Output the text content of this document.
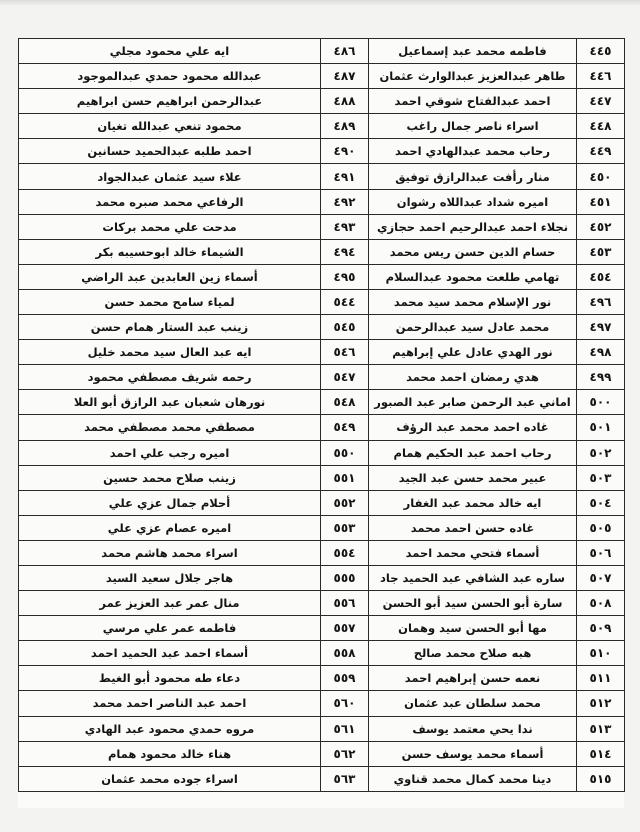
٤٤٥	فاطمه محمد عبد إسماعيل	٤٨٦	ايه علي محمود مجلي
٤٤٦	طاهر عبدالعزيز عبدالوارث عثمان	٤٨٧	عبدالله محمود حمدي عبدالموجود
٤٤٧	احمد عبدالفتاح شوقي احمد	٤٨٨	عبدالرحمن ابراهيم حسن ابراهيم
٤٤٨	اسراء ناصر جمال راغب	٤٨٩	محمود تنعي عبدالله تغيان
٤٤٩	رحاب محمد عبدالهادي احمد	٤٩٠	احمد طلبه عبدالحميد حسانين
٤٥٠	منار رأفت عبدالرازق توفيق	٤٩١	علاء سيد عثمان عبدالجواد
٤٥١	اميره شداد عبداللاه رشوان	٤٩٢	الرفاعي محمد صبره محمد
٤٥٢	نجلاء احمد عبدالرحيم احمد حجازي	٤٩٣	مدحت علي محمد بركات
٤٥٣	حسام الدين حسن ريس محمد	٤٩٤	الشيماء خالد ابوحسيبه بكر
٤٥٤	تهامي طلعت محمود عبدالسلام	٤٩٥	أسماء زين العابدين عبد الراضي
٤٩٦	نور الإسلام محمد سيد محمد	٥٤٤	لمياء سامح محمد حسن
٤٩٧	محمد عادل سيد عبدالرحمن	٥٤٥	زينب عبد الستار همام حسن
٤٩٨	نور الهدي عادل علي إبراهيم	٥٤٦	ايه عبد العال سيد محمد خليل
٤٩٩	هدي رمضان احمد محمد	٥٤٧	رحمه شريف مصطفي محمود
٥٠٠	اماني عبد الرحمن صابر عبد الصبور	٥٤٨	نورهان شعبان عبد الرازق أبو العلا
٥٠١	غاده احمد محمد عبد الرؤف	٥٤٩	مصطفي محمد مصطفي محمد
٥٠٢	رحاب احمد عبد الحكيم همام	٥٥٠	اميره رجب علي احمد
٥٠٣	عبير محمد حسن عبد الجيد	٥٥١	زينب صلاح محمد حسين
٥٠٤	ايه خالد محمد عبد الغفار	٥٥٢	أحلام جمال عزي علي
٥٠٥	غاده حسن احمد محمد	٥٥٣	اميره عصام عزي علي
٥٠٦	أسماء فتحي محمد احمد	٥٥٤	اسراء محمد هاشم محمد
٥٠٧	ساره عبد الشافي عبد الحميد جاد	٥٥٥	هاجر جلال سعيد السيد
٥٠٨	سارة أبو الحسن سيد أبو الحسن	٥٥٦	منال عمر عبد العزيز عمر
٥٠٩	مها أبو الحسن سيد وهمان	٥٥٧	فاطمه عمر علي مرسي
٥١٠	هبه صلاح محمد صالح	٥٥٨	أسماء احمد عبد الحميد احمد
٥١١	نعمه حسن إبراهيم احمد	٥٥٩	دعاء طه محمود أبو الغيط
٥١٢	محمد سلطان عبد عثمان	٥٦٠	احمد عبد الناصر احمد محمد
٥١٣	ندا يحي معتمد يوسف	٥٦١	مروه حمدي محمود عبد الهادي
٥١٤	أسماء محمد يوسف حسن	٥٦٢	هناء خالد محمود همام
٥١٥	دينا محمد كمال محمد قناوي	٥٦٣	اسراء جوده محمد عثمان
